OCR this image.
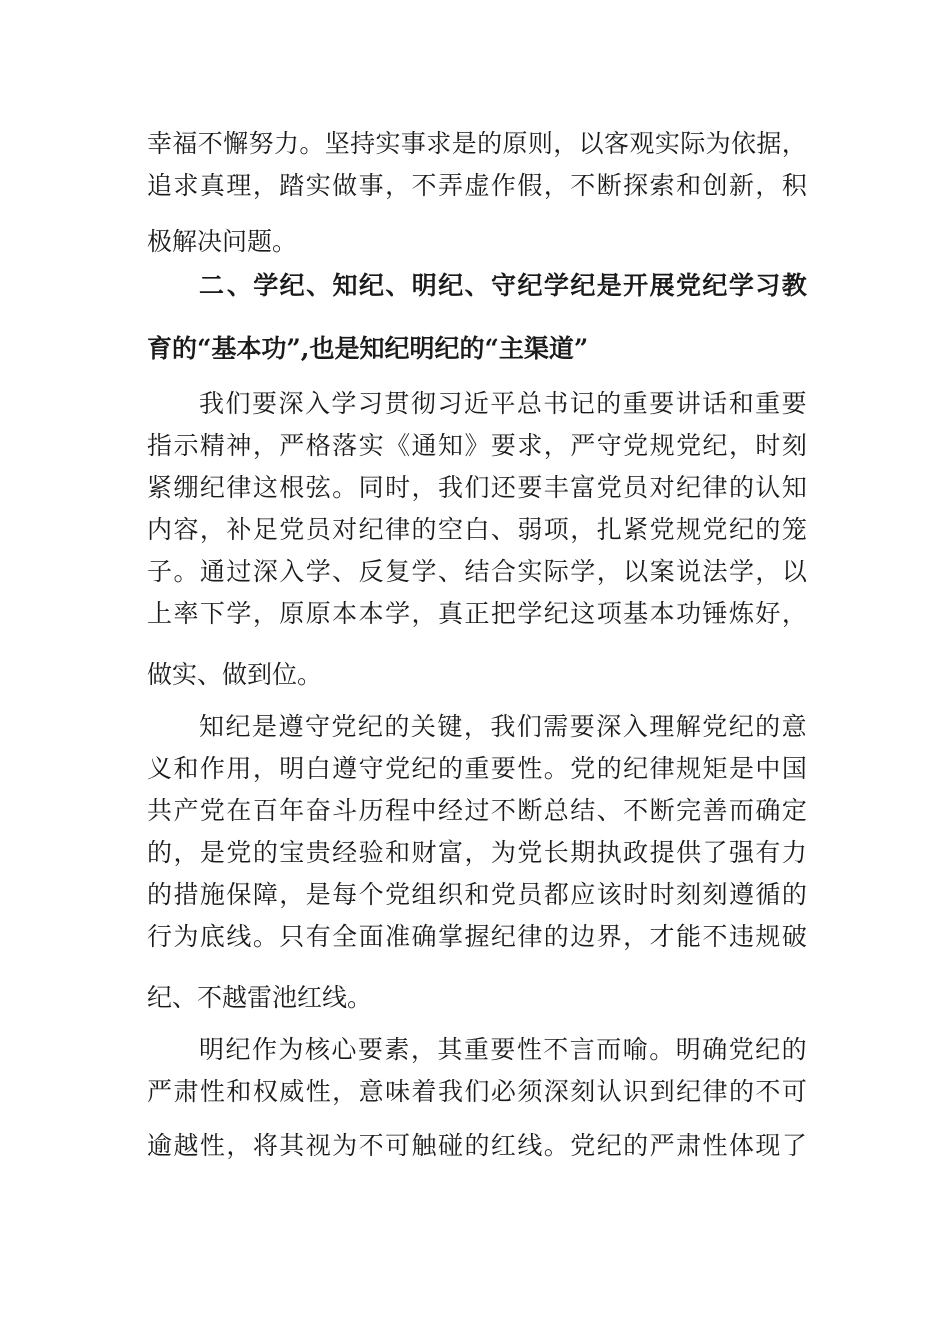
幸 福 不 懈 努 力 。 坚 持 实 事 求 是 的 原 则 ， 以 客 观 实 际 为 依 据 ，
追 求 真 理 ， 踏 实 做 事 ， 不 弄 虚 作 假 ， 不 断 探 索 和 创 新 ， 积
极解决问题。
二 、 学 纪 、 知 纪 、 明 纪 、 守 纪 学 纪 是 开 展 党 纪 学 习 教
育的“基本功”,也是知纪明纪的“主渠道”
我 们 要 深 入 学 习 贯 彻 习 近 平 总 书 记 的 重 要 讲 话 和 重 要
指 示 精 神 ， 严 格 落 实 《 通 知 》 要 求 ， 严 守 党 规 党 纪 ， 时 刻
紧 绷 纪 律 这 根 弦 。 同 时 ， 我 们 还 要 丰 富 党 员 对 纪 律 的 认 知
内 容 ， 补 足 党 员 对 纪 律 的 空 白 、 弱 项 ， 扎 紧 党 规 党 纪 的 笼
子 。 通 过 深 入 学 、 反 复 学 、 结 合 实 际 学 ， 以 案 说 法 学 ， 以
上 率 下 学 ， 原 原 本 本 学 ， 真 正 把 学 纪 这 项 基 本 功 锤 炼 好 ，
做实、做到位。
知 纪 是 遵 守 党 纪 的 关 键 ， 我 们 需 要 深 入 理 解 党 纪 的 意
义 和 作 用 ， 明 白 遵 守 党 纪 的 重 要 性 。 党 的 纪 律 规 矩 是 中 国
共 产 党 在 百 年 奋 斗 历 程 中 经 过 不 断 总 结 、 不 断 完 善 而 确 定
的 ， 是 党 的 宝 贵 经 验 和 财 富 ， 为 党 长 期 执 政 提 供 了 强 有 力
的 措 施 保 障 ， 是 每 个 党 组 织 和 党 员 都 应 该 时 时 刻 刻 遵 循 的
行 为 底 线 。 只 有 全 面 准 确 掌 握 纪 律 的 边 界 ， 才 能 不 违 规 破
纪、不越雷池红线。
明 纪 作 为 核 心 要 素 ， 其 重 要 性 不 言 而 喻 。 明 确 党 纪 的
严 肃 性 和 权 威 性 ， 意 味 着 我 们 必 须 深 刻 认 识 到 纪 律 的 不 可
逾 越 性 ， 将 其 视 为 不 可 触 碰 的 红 线 。 党 纪 的 严 肃 性 体 现 了
